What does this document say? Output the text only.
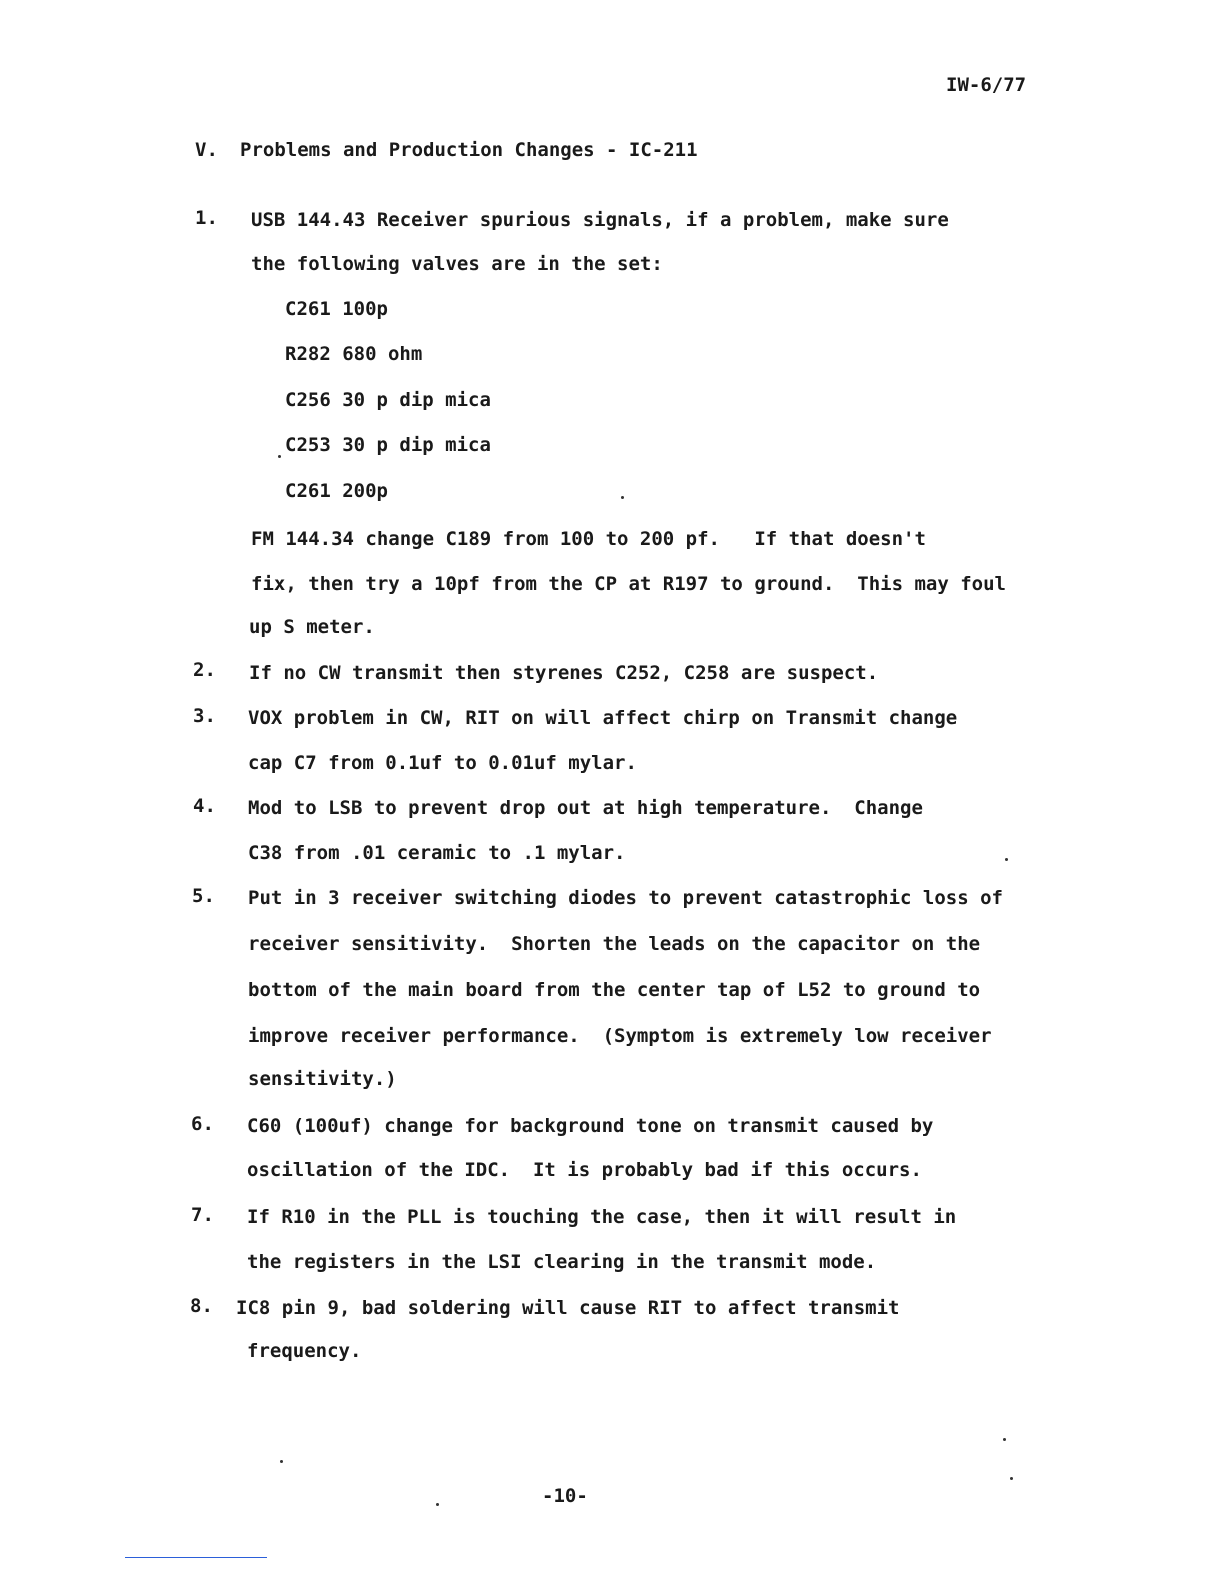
IW-6/77
V. Problems and Production Changes - IC-211
1. USB 144.43 Receiver spurious signals, if a problem, make sure
the following valves are in the set:
C261 100p
R282 680 ohm
C256 30 p dip mica
C253 30 p dip mica
C261 200p
FM 144.34 change C189 from 100 to 200 pf.   If that doesn't
fix, then try a 10pf from the CP at R197 to ground.  This may foul
up S meter.
2. If no CW transmit then styrenes C252, C258 are suspect.
3. VOX problem in CW, RIT on will affect chirp on Transmit change
cap C7 from 0.1uf to 0.01uf mylar.
4. Mod to LSB to prevent drop out at high temperature.  Change
C38 from .01 ceramic to .1 mylar.
5. Put in 3 receiver switching diodes to prevent catastrophic loss of
receiver sensitivity.  Shorten the leads on the capacitor on the
bottom of the main board from the center tap of L52 to ground to
improve receiver performance.  (Symptom is extremely low receiver
sensitivity.)
6. C60 (100uf) change for background tone on transmit caused by
oscillation of the IDC.  It is probably bad if this occurs.
7. If R10 in the PLL is touching the case, then it will result in
the registers in the LSI clearing in the transmit mode.
8. IC8 pin 9, bad soldering will cause RIT to affect transmit
frequency.
-10-
